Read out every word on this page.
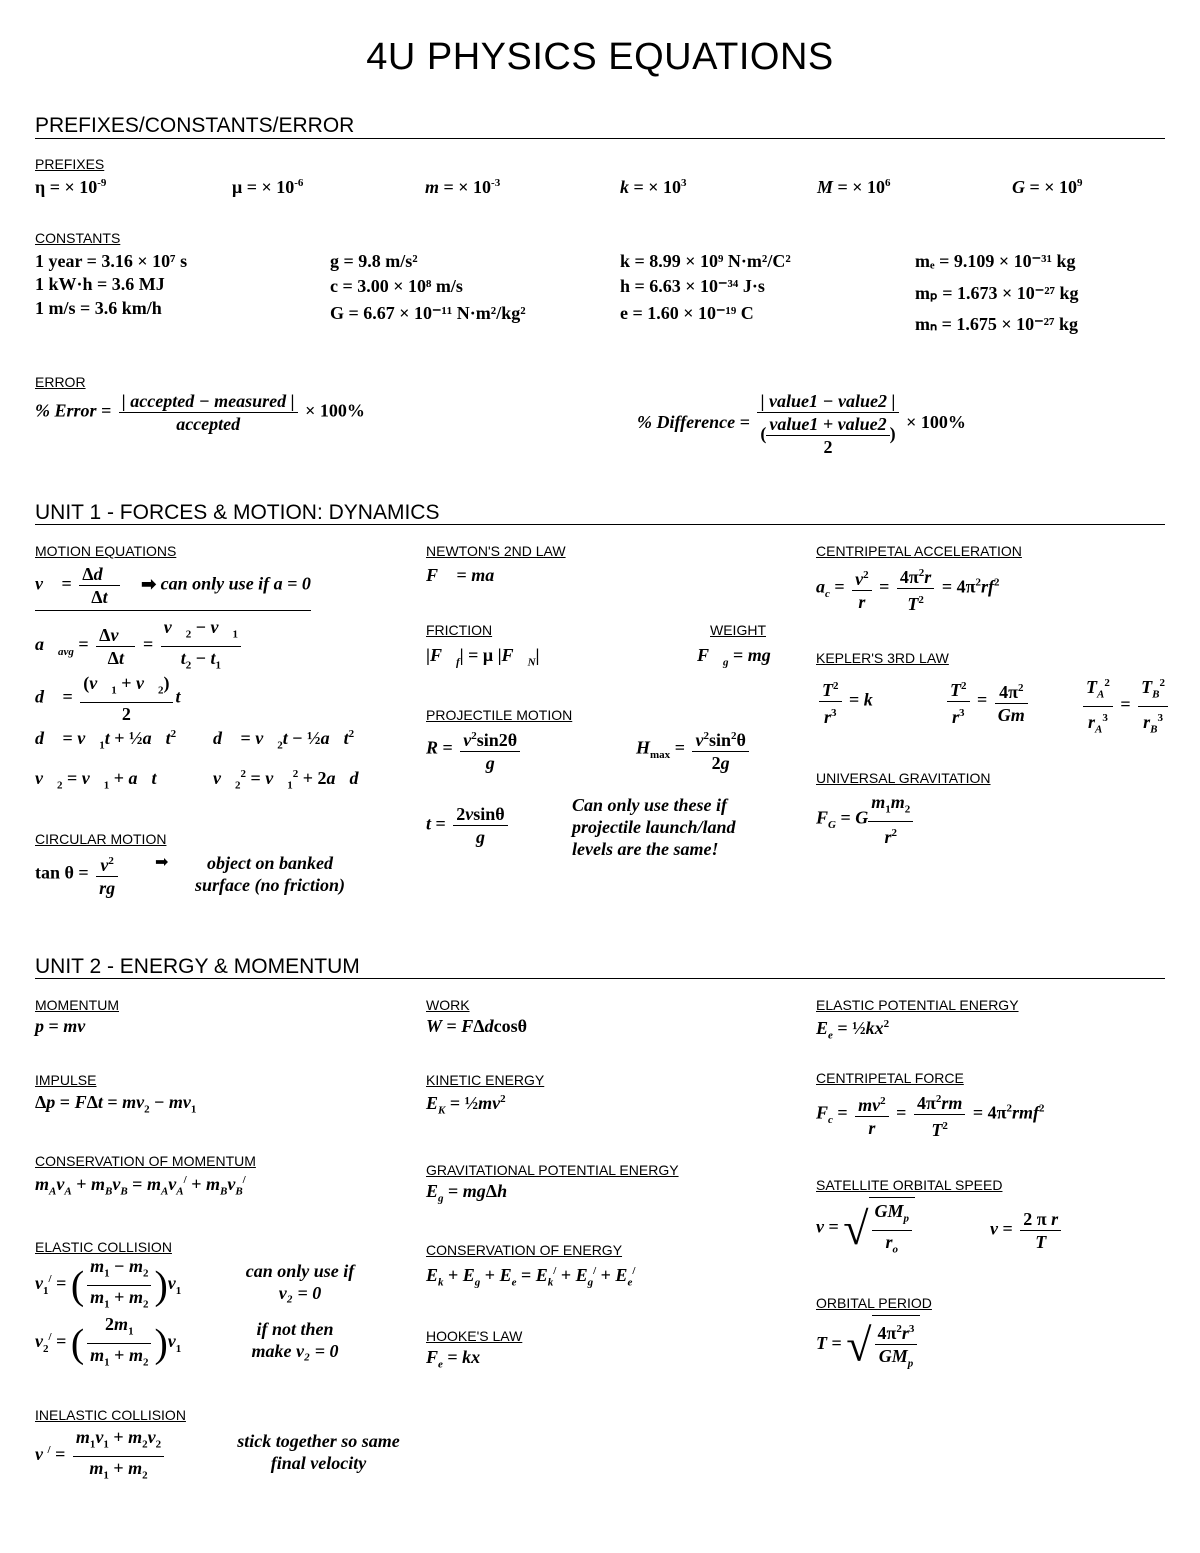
4U PHYSICS EQUATIONS
PREFIXES/CONSTANTS/ERROR
PREFIXES
η = × $10^{-9}$	μ = × $10^{-6}$	m = × $10^{-3}$	k = × $10^3$	M = × $10^6$	G = × $10^9$
CONSTANTS
1 year = 3.16 × 10⁷ s
1 kW·h = 3.6 MJ
1 m/s = 3.6 km/h
g = 9.8 m/s²
c = 3.00 × 10⁸ m/s
G = 6.67 × 10⁻¹¹ N·m²/kg²
k = 8.99 × 10⁹ N·m²/C²
h = 6.63 × 10⁻³⁴ J·s
e = 1.60 × 10⁻¹⁹ C
mₑ = 9.109 × 10⁻³¹ kg
mₚ = 1.673 × 10⁻²⁷ kg
mₙ = 1.675 × 10⁻²⁷ kg
ERROR
% Error = $\frac{\text{| accepted − measured |}}{\text{accepted}} \times 100\%$
% Difference = $\frac{\text{| value1 − value2 |}}{( \frac{\text{value1 + value2}}{2} )} \times 100\%$
UNIT 1 - FORCES & MOTION: DYNAMICS
MOTION EQUATIONS
v⃗ = $\frac{\Delta d⃗}{\Delta t}$ ➡ can only use if a = 0
$a⃗_{avg} = \frac{\Delta v⃗}{\Delta t} = \frac{v⃗_2 - v⃗_1}{t_2 - t_1}$
d⃗ = $\frac{(v⃗_1 + v⃗_2)}{2}$ t
d⃗ = $v⃗_1t$ + $\frac{1}{2}a⃗t^2$ d⃗ = $v⃗_2t$ − $\frac{1}{2}a⃗t^2$
$v⃗_2$ = $v⃗_1$ + a⃗t	$v⃗_2^2$ = $v⃗_1^2$ + 2a⃗d⃗
CIRCULAR MOTION
$\tan \theta = \frac{v^2}{rg}$ ➡	object on banked surface (no friction)
NEWTON'S 2ND LAW
F⃗ = ma⃗
FRICTION
$|F⃗_f| = \mu$ $|F⃗_N|$
WEIGHT
$F⃗_g$ = mg⃗
PROJECTILE MOTION
$R = \frac{v^2\sin 2\theta}{g}$	$H_{max} = \frac{v^2\sin^2\theta}{2g}$
$t = \frac{2vsin\theta}{g}$	Can only use these if projectile launch/land levels are the same!
CENTRIPETAL ACCELERATION
$a_c = \frac{v^2}{r} = \frac{4\pi^2r}{T^2} = 4\pi^2rf^2$
KEPLER'S 3RD LAW
$\frac{T^2}{r^3} = k$	$\frac{T^2}{r^3} = \frac{4\pi^2}{Gm}$	$\frac{T_A^2}{r_A^3} = \frac{T_B^2}{r_B^3}$
UNIVERSAL GRAVITATION
$F_G = G \frac{m_1m_2}{r^2}$
UNIT 2 - ENERGY & MOMENTUM
MOMENTUM
p = mv
IMPULSE
$\Delta p = F\Delta t = mv_2 - mv_1$
CONSERVATION OF MOMENTUM
$m_Av_A + m_Bv_B = m_Av_A^/ + m_Bv_B^/$
ELASTIC COLLISION
$v_1^/$ = ( $\frac{m_1 - m_2}{m_1 + m_2} )v_1$
can only use if v₂ = 0
$v_2^/$ = ( $\frac{2m_1}{m_1 + m_2} )v_1$
if not then make v₂ = 0
INELASTIC COLLISION
v $^/ = \frac{m_1v_1 + m_2v_2}{m_1 + m_2}$	stick together so same final velocity
WORK
W = FΔdcosθ
KINETIC ENERGY
$E_K$ = $\frac{1}{2}mv^2$
GRAVITATIONAL POTENTIAL ENERGY
$E_g = mg\Delta h$
CONSERVATION OF ENERGY
$E_k + E_g + E_e = E_k^/ + E_g^/ + E_e^/$
HOOKE'S LAW
$F_e$ = kx
ELASTIC POTENTIAL ENERGY
$E_e$ = $\frac{1}{2}kx^2$
CENTRIPETAL FORCE
$F_c = \frac{mv^2}{r} = \frac{4\pi^2rm}{T^2} = 4\pi^2rmf^2$
SATELLITE ORBITAL SPEED
v = √ $\frac{GM_p}{r_o}$	$v = \frac{\text{2 π r}}{T}$
ORBITAL PERIOD
T = √ $\frac{4\pi^2r^3}{GM_p}$
